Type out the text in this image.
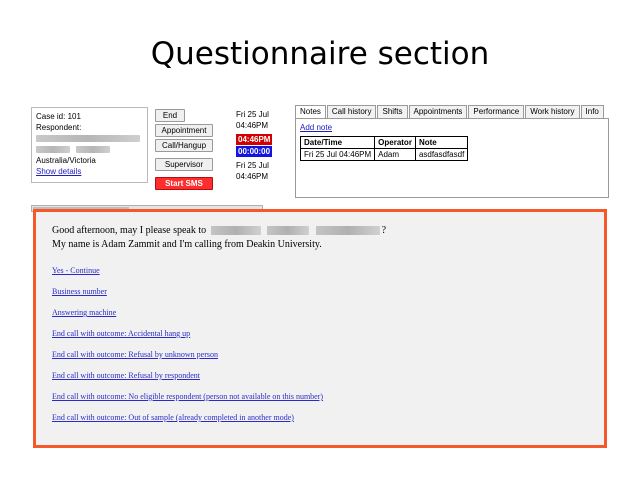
Questionnaire section
Case id: 101
Respondent:

Australia/Victoria
Show details
End
Appointment
Call/Hangup
Supervisor
Start SMS
Fri 25 Jul
04:46PM
04:46PM
00:00:00
Fri 25 Jul
04:46PM
Notes	Call history	Shifts	Appointments	Performance	Work history	Info
Add note
Date/Time	Operator	Note
Fri 25 Jul 04:46PM	Adam	asdfasdfasdf
Good afternoon, may I please speak to	?
My name is Adam Zammit and I'm calling from Deakin University.
Yes - Continue
Business number
Answering machine
End call with outcome: Accidental hang up
End call with outcome: Refusal by unknown person
End call with outcome: Refusal by respondent
End call with outcome: No eligible respondent (person not available on this number)
End call with outcome: Out of sample (already completed in another mode)
